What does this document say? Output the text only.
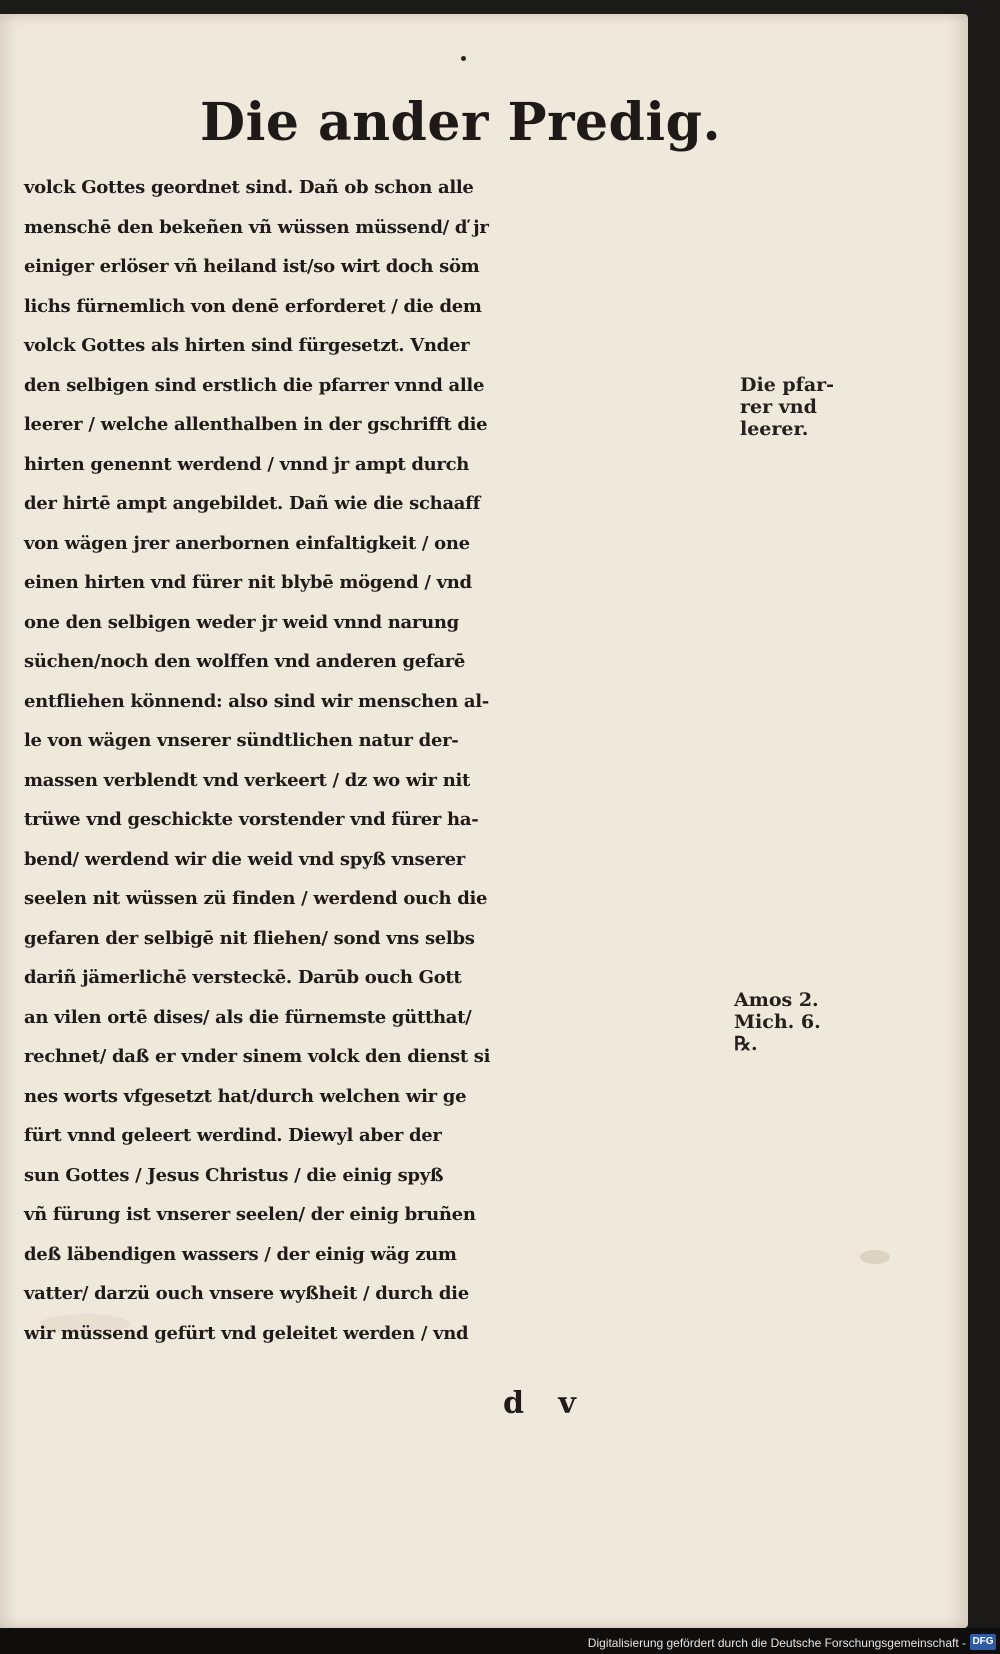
Die ander Predig.
volck Gottes geordnet sind. Dañ ob schon alle
menschē den bekeñen vñ wüssen müssend/ ď jr
einiger erlöser vñ heiland ist/so wirt doch söm
lichs fürnemlich von denē erforderet / die dem
volck Gottes als hirten sind fürgesetzt. Vnder
den selbigen sind erstlich die pfarrer vnnd alle
leerer / welche allenthalben in der gschrifft die
hirten genennt werdend / vnnd jr ampt durch
der hirtē ampt angebildet. Dañ wie die schaaff
von wägen jrer anerbornen einfaltigkeit / one
einen hirten vnd fürer nit blybē mögend / vnd
one den selbigen weder jr weid vnnd narung
süchen/noch den wolffen vnd anderen gefarē
entfliehen könnend: also sind wir menschen al-
le von wägen vnserer sündtlichen natur der-
massen verblendt vnd verkeert / dz wo wir nit
trüwe vnd geschickte vorstender vnd fürer ha-
bend/ werdend wir die weid vnd spyß vnserer
seelen nit wüssen zü finden / werdend ouch die
gefaren der selbigē nit fliehen/ sond vns selbs
dariñ jämerlichē versteckē. Darūb ouch Gott
an vilen ortē dises/ als die fürnemste gütthat/
rechnet/ daß er vnder sinem volck den dienst si
nes worts vfgesetzt hat/durch welchen wir ge
fürt vnnd geleert werdind. Diewyl aber der
sun Gottes / Jesus Christus / die einig spyß
vñ fürung ist vnserer seelen/ der einig bruñen
deß läbendigen wassers / der einig wäg zum
vatter/ darzü ouch vnsere wyßheit / durch die
wir müssend gefürt vnd geleitet werden / vnd
Die pfar-
rer vnd
leerer.
Amos 2.
Mich. 6.
℞.
d v
Digitalisierung gefördert durch die Deutsche Forschungsgemeinschaft - DFG
